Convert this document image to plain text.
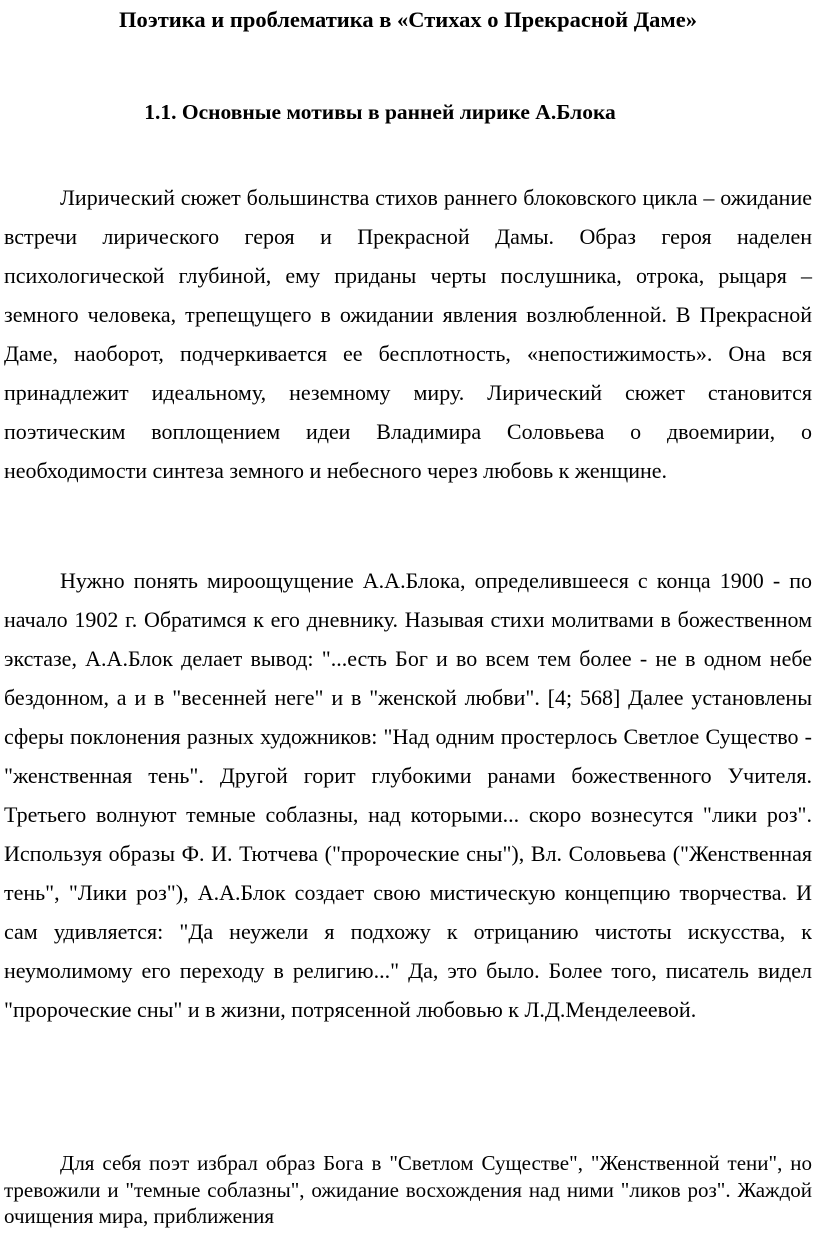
Поэтика и проблематика в «Стихах о Прекрасной Даме»
1.1. Основные мотивы в ранней лирике А.Блока

Лирический сюжет большинства стихов раннего блоковского цикла – ожидание встречи лирического героя и Прекрасной Дамы. Образ героя наделен психологической глубиной, ему приданы черты послушника, отрока, рыцаря – земного человека, трепещущего в ожидании явления возлюбленной. В Прекрасной Даме, наоборот, подчеркивается ее бесплотность, «непостижимость». Она вся принадлежит идеальному, неземному миру. Лирический сюжет становится поэтическим воплощением идеи Владимира Соловьева о двоемирии, о необходимости синтеза земного и небесного через любовь к женщине.

Нужно понять мироощущение А.А.Блока, определившееся с конца 1900 - по начало 1902 г. Обратимся к его дневнику. Называя стихи молитвами в божественном экстазе, А.А.Блок делает вывод: "...есть Бог и во всем тем более - не в одном небе бездонном, а и в "весенней неге" и в "женской любви". [4; 568] Далее установлены сферы поклонения разных художников: "Над одним простерлось Светлое Существо - "женственная тень". Другой горит глубокими ранами божественного Учителя. Третьего волнуют темные соблазны, над которыми... скоро вознесутся "лики роз". Используя образы Ф. И. Тютчева ("пророческие сны"), Вл. Соловьева ("Женственная тень", "Лики роз"), А.А.Блок создает свою мистическую концепцию творчества. И сам удивляется: "Да неужели я подхожу к отрицанию чистоты искусства, к неумолимому его переходу в религию..." Да, это было. Более того, писатель видел "пророческие сны" и в жизни, потрясенной любовью к Л.Д.Менделеевой.

Для себя поэт избрал образ Бога в "Светлом Существе", "Женственной тени", но тревожили и "темные соблазны", ожидание восхождения над ними "ликов роз". Жаждой очищения мира, приближения
